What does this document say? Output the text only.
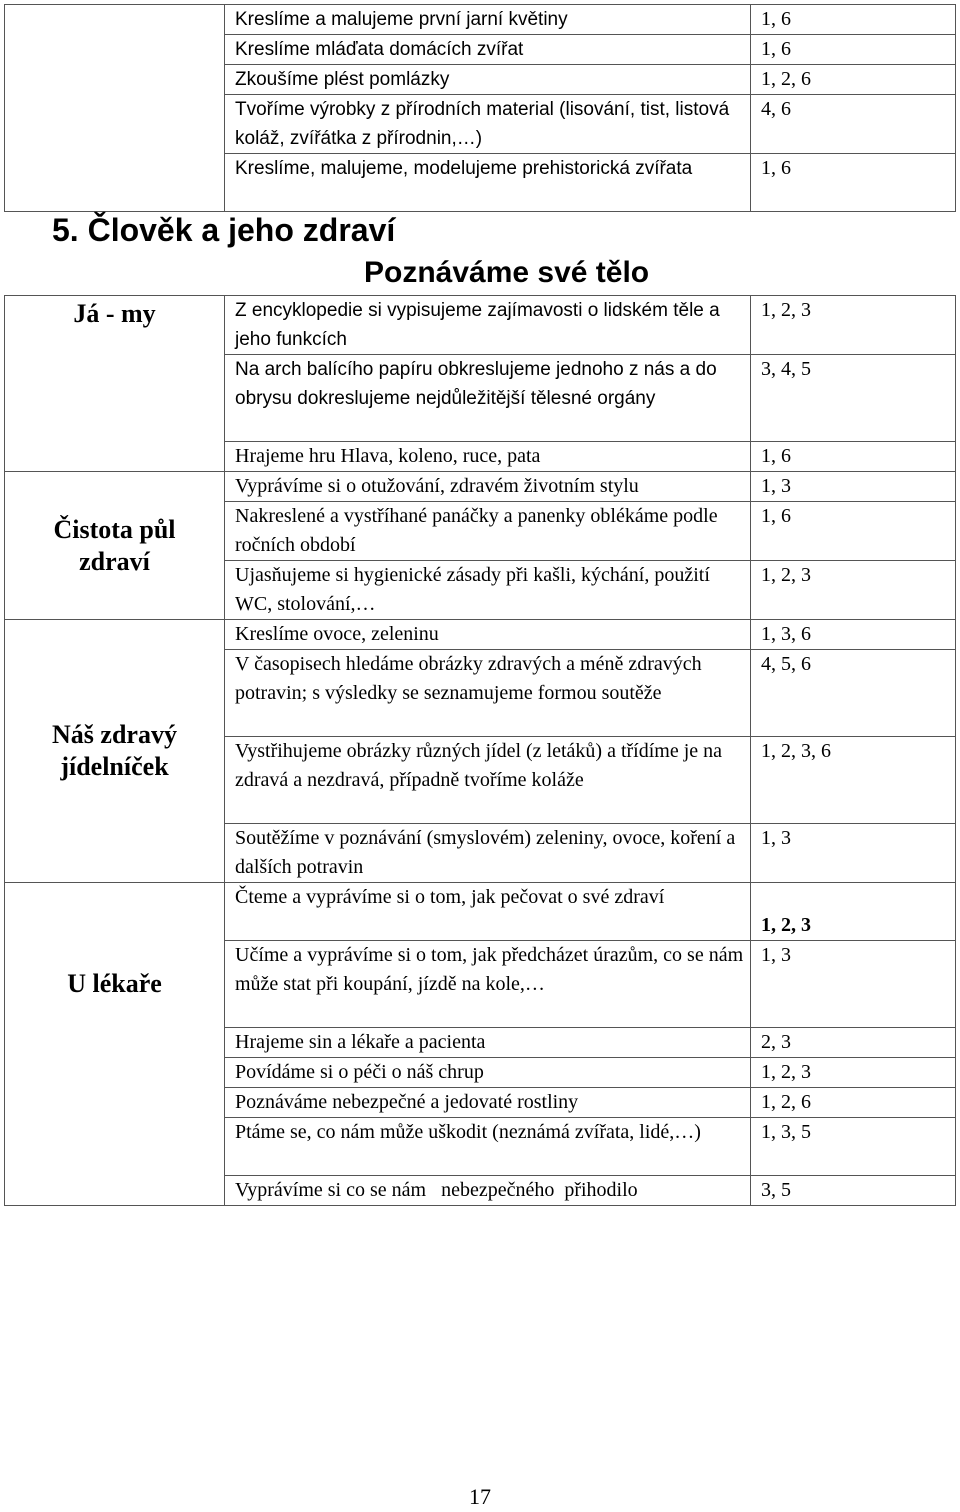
	Kreslíme a malujeme první jarní květiny	1, 6
	Kreslíme mláďata domácích zvířat	1, 6
	Zkoušíme plést pomlázky	1, 2, 6
	Tvoříme výrobky z přírodních material (lisování, tist, listová koláž, zvířátka z přírodnin,…)	4, 6
	Kreslíme, malujeme, modelujeme prehistorická zvířata	1, 6
5. Člověk a jeho zdraví
Poznáváme své tělo
Já - my	Z encyklopedie si vypisujeme zajímavosti o lidském těle a jeho funkcích	1, 2, 3
	Na arch balícího papíru obkreslujeme jednoho z nás a do obrysu dokreslujeme nejdůležitější tělesné orgány	3, 4, 5
	Hrajeme hru Hlava, koleno, ruce, pata	1, 6

Čistota půl zdraví	Vyprávíme si o otužování, zdravém životním stylu	1, 3
	Nakreslené a vystříhané panáčky a panenky oblékáme podle ročních období	1, 6
	Ujasňujeme si hygienické zásady při kašli, kýchání, použití WC, stolování,…	1, 2, 3

Náš zdravý jídelníček	Kreslíme ovoce, zeleninu	1, 3, 6
	V časopisech hledáme obrázky zdravých a méně zdravých potravin; s výsledky se seznamujeme formou soutěže	4, 5, 6
	Vystřihujeme obrázky různých jídel (z letáků) a třídíme je na zdravá a nezdravá, případně tvoříme koláže	1, 2, 3, 6
	Soutěžíme v poznávání (smyslovém) zeleniny, ovoce, koření a dalších potravin	1, 3

U lékaře	Čteme a vyprávíme si o tom, jak pečovat o své zdraví	1, 2, 3
	Učíme a vyprávíme si o tom, jak předcházet úrazům, co se nám může stat při koupání, jízdě na kole,…	1, 3
	Hrajeme sin a lékaře a pacienta	2, 3
	Povídáme si o péči o náš chrup	1, 2, 3
	Poznáváme nebezpečné a jedovaté rostliny	1, 2, 6
	Ptáme se, co nám může uškodit (neznámá zvířata, lidé,…)	1, 3, 5
	Vyprávíme si co se nám   nebezpečného  přihodilo	3, 5
17
